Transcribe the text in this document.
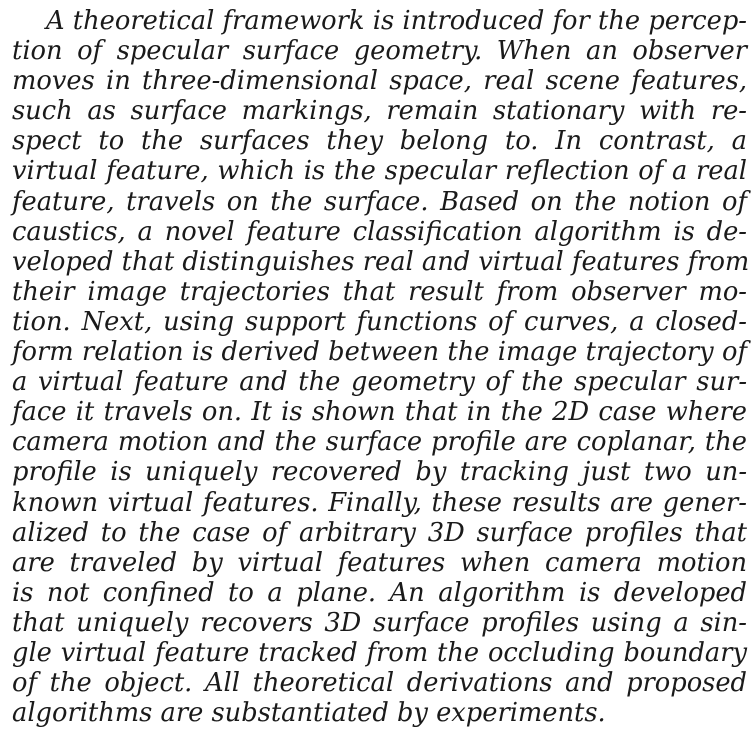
A theoretical framework is introduced for the percep-
tion of specular surface geometry. When an observer
moves in three-dimensional space, real scene features,
such as surface markings, remain stationary with re-
spect to the surfaces they belong to. In contrast, a
virtual feature, which is the specular reflection of a real
feature, travels on the surface. Based on the notion of
caustics, a novel feature classification algorithm is de-
veloped that distinguishes real and virtual features from
their image trajectories that result from observer mo-
tion. Next, using support functions of curves, a closed-
form relation is derived between the image trajectory of
a virtual feature and the geometry of the specular sur-
face it travels on. It is shown that in the 2D case where
camera motion and the surface profile are coplanar, the
profile is uniquely recovered by tracking just two un-
known virtual features. Finally, these results are gener-
alized to the case of arbitrary 3D surface profiles that
are traveled by virtual features when camera motion
is not confined to a plane. An algorithm is developed
that uniquely recovers 3D surface profiles using a sin-
gle virtual feature tracked from the occluding boundary
of the object. All theoretical derivations and proposed
algorithms are substantiated by experiments.
